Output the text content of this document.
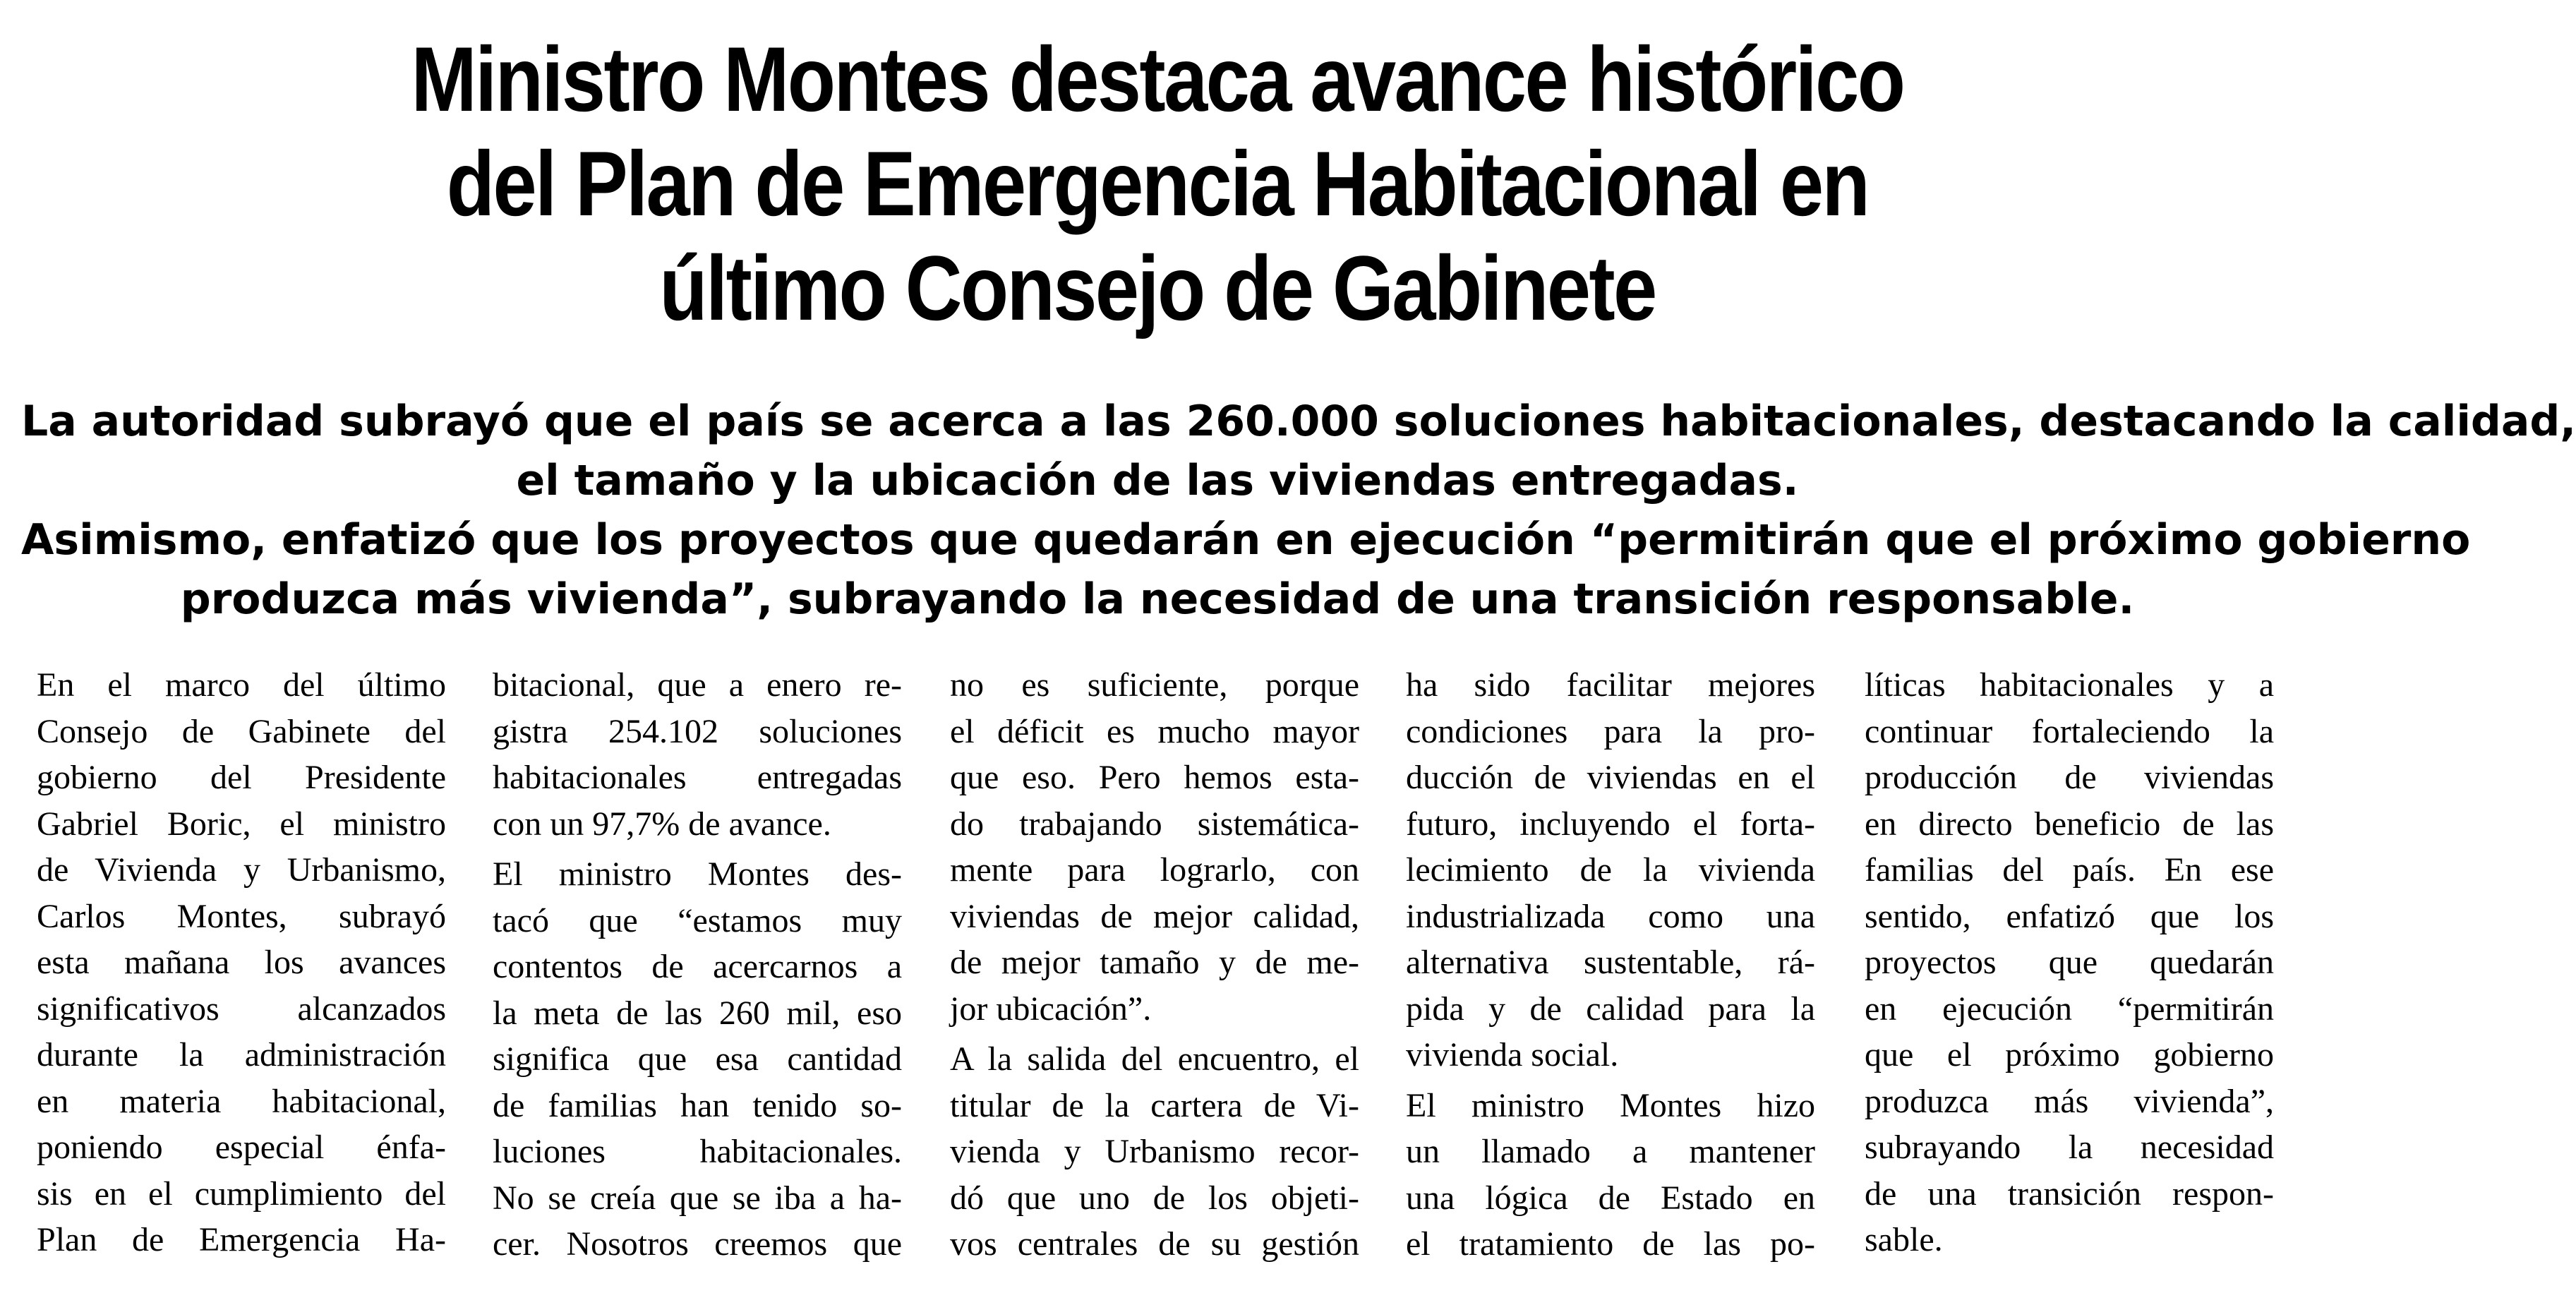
Ministro Montes destaca avance histórico
del Plan de Emergencia Habitacional en
último Consejo de Gabinete
La autoridad subrayó que el país se acerca a las 260.000 soluciones habitacionales, destacando la calidad,
el tamaño y la ubicación de las viviendas entregadas.
Asimismo, enfatizó que los proyectos que quedarán en ejecución “permitirán que el próximo gobierno
produzca más vivienda”, subrayando la necesidad de una transición responsable.

En el marco del último
Consejo de Gabinete del
gobierno del Presidente
Gabriel Boric, el ministro
de Vivienda y Urbanismo,
Carlos Montes, subrayó
esta mañana los avances
significativos alcanzados
durante la administración
en materia habitacional,
poniendo especial énfa-
sis en el cumplimiento del
Plan de Emergencia Ha-

bitacional, que a enero re-
gistra 254.102 soluciones
habitacionales entregadas
con un 97,7% de avance.

El ministro Montes des-
tacó que “estamos muy
contentos de acercarnos a
la meta de las 260 mil, eso
significa que esa cantidad
de familias han tenido so-
luciones habitacionales.
No se creía que se iba a ha-
cer. Nosotros creemos que

no es suficiente, porque
el déficit es mucho mayor
que eso. Pero hemos esta-
do trabajando sistemática-
mente para lograrlo, con
viviendas de mejor calidad,
de mejor tamaño y de me-
jor ubicación”.

A la salida del encuentro, el
titular de la cartera de Vi-
vienda y Urbanismo recor-
dó que uno de los objeti-
vos centrales de su gestión

ha sido facilitar mejores
condiciones para la pro-
ducción de viviendas en el
futuro, incluyendo el forta-
lecimiento de la vivienda
industrializada como una
alternativa sustentable, rá-
pida y de calidad para la
vivienda social.

El ministro Montes hizo
un llamado a mantener
una lógica de Estado en
el tratamiento de las po-

líticas habitacionales y a
continuar fortaleciendo la
producción de viviendas
en directo beneficio de las
familias del país. En ese
sentido, enfatizó que los
proyectos que quedarán
en ejecución “permitirán
que el próximo gobierno
produzca más vivienda”,
subrayando la necesidad
de una transición respon-
sable.
